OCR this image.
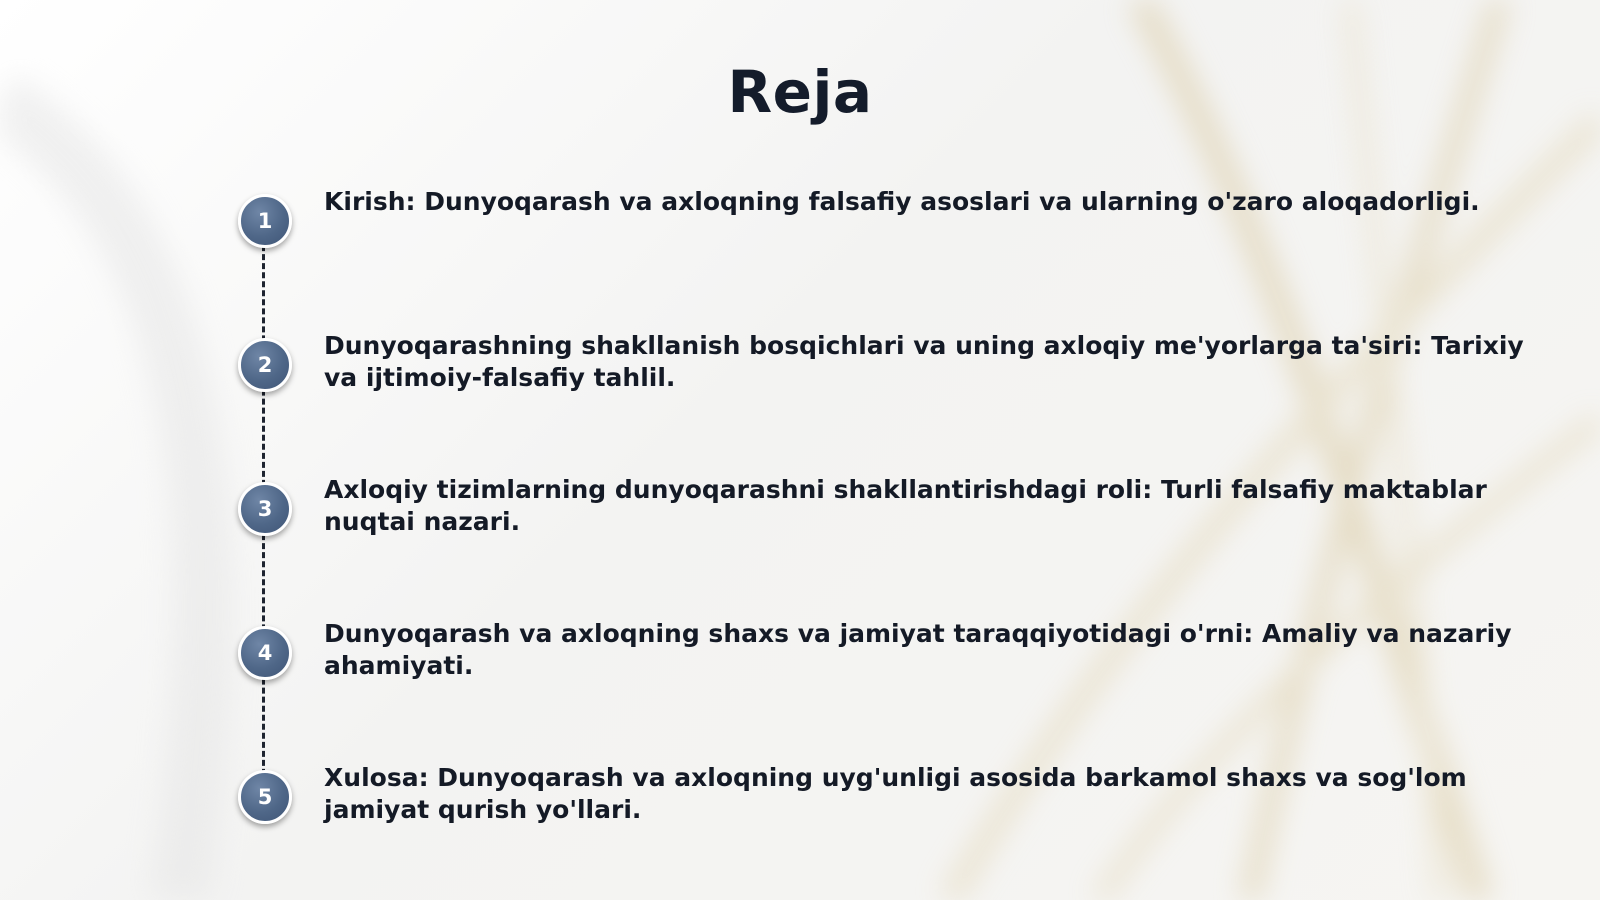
Reja
1
Kirish: Dunyoqarash va axloqning falsafiy asoslari va ularning o'zaro aloqadorligi.
2
Dunyoqarashning shakllanish bosqichlari va uning axloqiy me'yorlarga ta'siri: Tarixiy va ijtimoiy-falsafiy tahlil.
3
Axloqiy tizimlarning dunyoqarashni shakllantirishdagi roli: Turli falsafiy maktablar nuqtai nazari.
4
Dunyoqarash va axloqning shaxs va jamiyat taraqqiyotidagi o'rni: Amaliy va nazariy ahamiyati.
5
Xulosa: Dunyoqarash va axloqning uyg'unligi asosida barkamol shaxs va sog'lom jamiyat qurish yo'llari.
